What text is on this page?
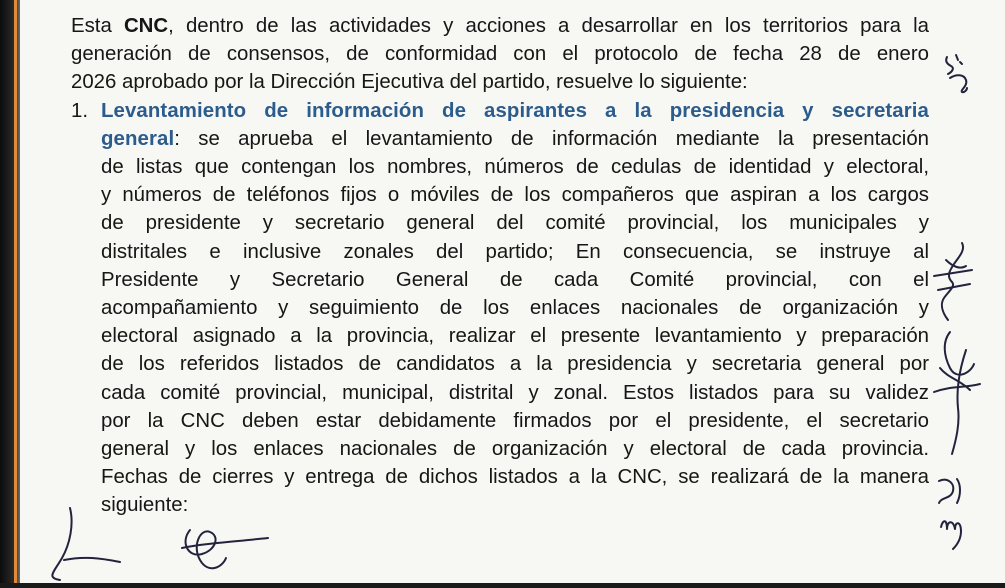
Esta CNC, dentro de las actividades y acciones a desarrollar en los territorios para la

generación de consensos, de conformidad con el protocolo de fecha 28 de enero

2026 aprobado por la Dirección Ejecutiva del partido, resuelve lo siguiente:

1. Levantamiento de información de aspirantes a la presidencia y secretaria

general: se aprueba el levantamiento de información mediante la presentación

de listas que contengan los nombres, números de cedulas de identidad y electoral,

y números de teléfonos fijos o móviles de los compañeros que aspiran a los cargos

de presidente y secretario general del comité provincial, los municipales y

distritales e inclusive zonales del partido; En consecuencia, se instruye al

Presidente y Secretario General de cada Comité provincial, con el

acompañamiento y seguimiento de los enlaces nacionales de organización y

electoral asignado a la provincia, realizar el presente levantamiento y preparación

de los referidos listados de candidatos a la presidencia y secretaria general por

cada comité provincial, municipal, distrital y zonal. Estos listados para su validez

por la CNC deben estar debidamente firmados por el presidente, el secretario

general y los enlaces nacionales de organización y electoral de cada provincia.

Fechas de cierres y entrega de dichos listados a la CNC, se realizará de la manera

siguiente:
